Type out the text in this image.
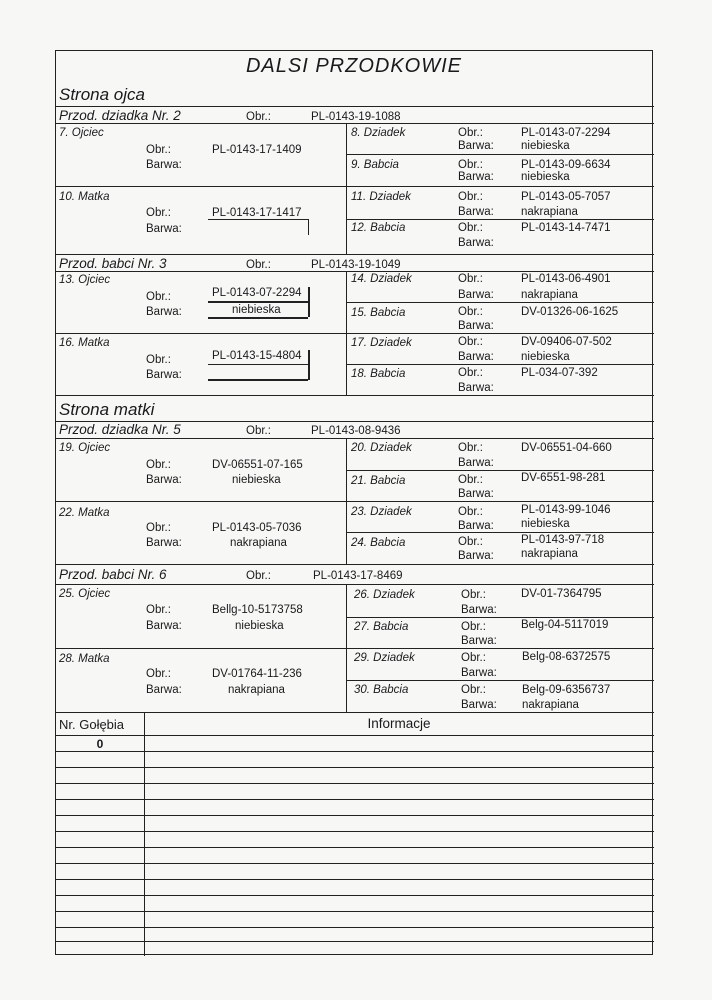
DALSI PRZODKOWIE
Strona ojca
Przod. dziadka Nr. 2	Obr.:	PL-0143-19-1088
7. Ojciec
Obr.:	PL-0143-17-1409
Barwa:
8. Dziadek	Obr.:	PL-0143-07-2294
Barwa: niebieska
9. Babcia	Obr.:	PL-0143-09-6634
Barwa: niebieska
10. Matka
Obr.:	PL-0143-17-1417
Barwa:
11. Dziadek	Obr.:	PL-0143-05-7057
Barwa: nakrapiana
12. Babcia	Obr.:	PL-0143-14-7471
Barwa:
Przod. babci Nr. 3	Obr.:	PL-0143-19-1049
13. Ojciec
Obr.:	PL-0143-07-2294
Barwa:	niebieska
14. Dziadek	Obr.:	PL-0143-06-4901
Barwa: nakrapiana
15. Babcia	Obr.:	DV-01326-06-1625
Barwa:
16. Matka
Obr.:	PL-0143-15-4804
Barwa:
17. Dziadek	Obr.:	DV-09406-07-502
Barwa: niebieska
18. Babcia	Obr.:	PL-034-07-392
Barwa:
Strona matki
Przod. dziadka Nr. 5	Obr.:	PL-0143-08-9436
19. Ojciec
Obr.:	DV-06551-07-165
Barwa:	niebieska
20. Dziadek	Obr.:	DV-06551-04-660
Barwa:
21. Babcia	Obr.:	DV-6551-98-281
Barwa:
22. Matka
Obr.:	PL-0143-05-7036
Barwa:	nakrapiana
23. Dziadek	Obr.:	PL-0143-99-1046
Barwa: niebieska
24. Babcia	Obr.:	PL-0143-97-718
Barwa: nakrapiana
Przod. babci Nr. 6	Obr.:	PL-0143-17-8469
25. Ojciec
Obr.:	Bellg-10-5173758
Barwa:	niebieska
26. Dziadek	Obr.:	DV-01-7364795
Barwa:
27. Babcia	Obr.:	Belg-04-5117019
Barwa:
28. Matka
Obr.:	DV-01764-11-236
Barwa:	nakrapiana
29. Dziadek	Obr.:	Belg-08-6372575
Barwa:
30. Babcia	Obr.:	Belg-09-6356737
Barwa: nakrapiana
Nr. Gołębia	Informacje
0
